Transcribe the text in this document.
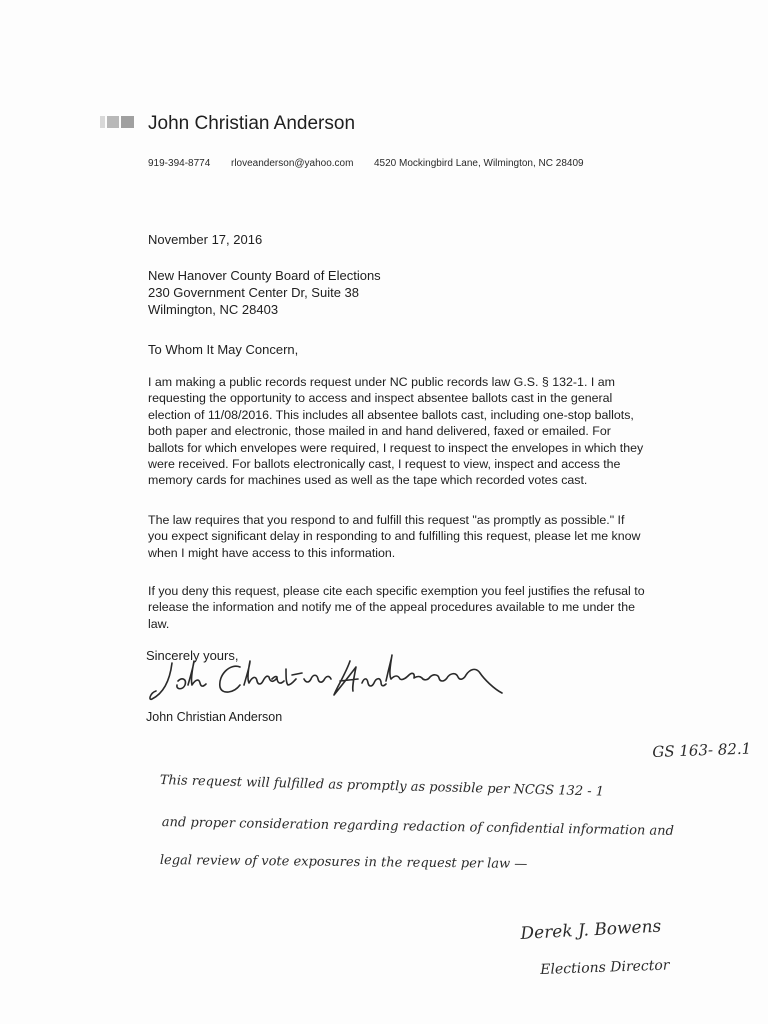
John Christian Anderson
919-394-8774 rloveanderson@yahoo.com 4520 Mockingbird Lane, Wilmington, NC 28409
November 17, 2016
New Hanover County Board of Elections
230 Government Center Dr, Suite 38
Wilmington, NC 28403
To Whom It May Concern,
I am making a public records request under NC public records law G.S. § 132-1. I am
requesting the opportunity to access and inspect absentee ballots cast in the general
election of 11/08/2016. This includes all absentee ballots cast, including one-stop ballots,
both paper and electronic, those mailed in and hand delivered, faxed or emailed. For
ballots for which envelopes were required, I request to inspect the envelopes in which they
were received. For ballots electronically cast, I request to view, inspect and access the
memory cards for machines used as well as the tape which recorded votes cast.
The law requires that you respond to and fulfill this request "as promptly as possible." If
you expect significant delay in responding to and fulfilling this request, please let me know
when I might have access to this information.
If you deny this request, please cite each specific exemption you feel justifies the refusal to
release the information and notify me of the appeal procedures available to me under the
law.
Sincerely yours,
John Christian Anderson
GS 163- 82.1
This request will fulfilled as promptly as possible per NCGS 132 - 1
and proper consideration regarding redaction of confidential information and
legal review of vote exposures in the request per law —
Derek J. Bowens
Elections Director
